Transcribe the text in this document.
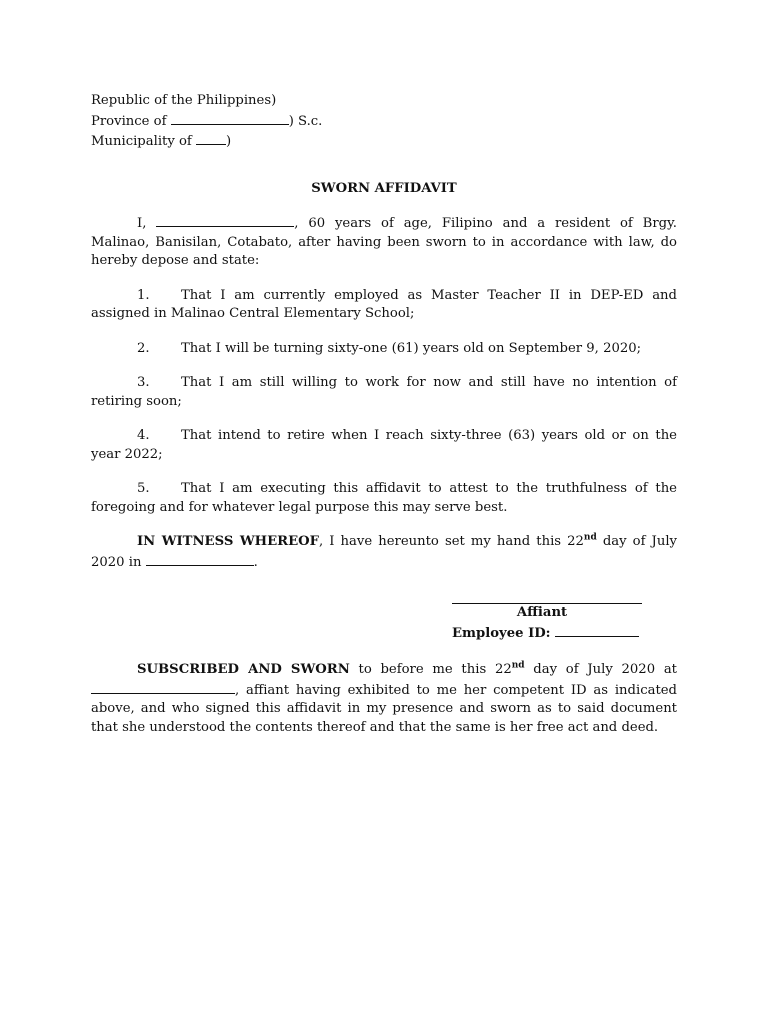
Republic of the Philippines)
Province of	) S.c.
Municipality of )
SWORN AFFIDAVIT

I,	, 60 years of age, Filipino and a resident of Brgy. Malinao, Banisilan, Cotabato, after having been sworn to in accordance with law, do hereby depose and state:

1. That I am currently employed as Master Teacher II in DEP-ED and assigned in Malinao Central Elementary School;
2. That I will be turning sixty-one (61) years old on September 9, 2020;
3. That I am still willing to work for now and still have no intention of retiring soon;
4. That intend to retire when I reach sixty-three (63) years old or on the year 2022;
5. That I am executing this affidavit to attest to the truthfulness of the foregoing and for whatever legal purpose this may serve best.

IN WITNESS WHEREOF, I have hereunto set my hand this 22nd day of July 2020 in	.

Affiant
Employee ID:

SUBSCRIBED AND SWORN to before me this 22nd day of July 2020 at , affiant having exhibited to me her competent ID as indicated above, and who signed this affidavit in my presence and sworn as to said document that she understood the contents thereof and that the same is her free act and deed.
